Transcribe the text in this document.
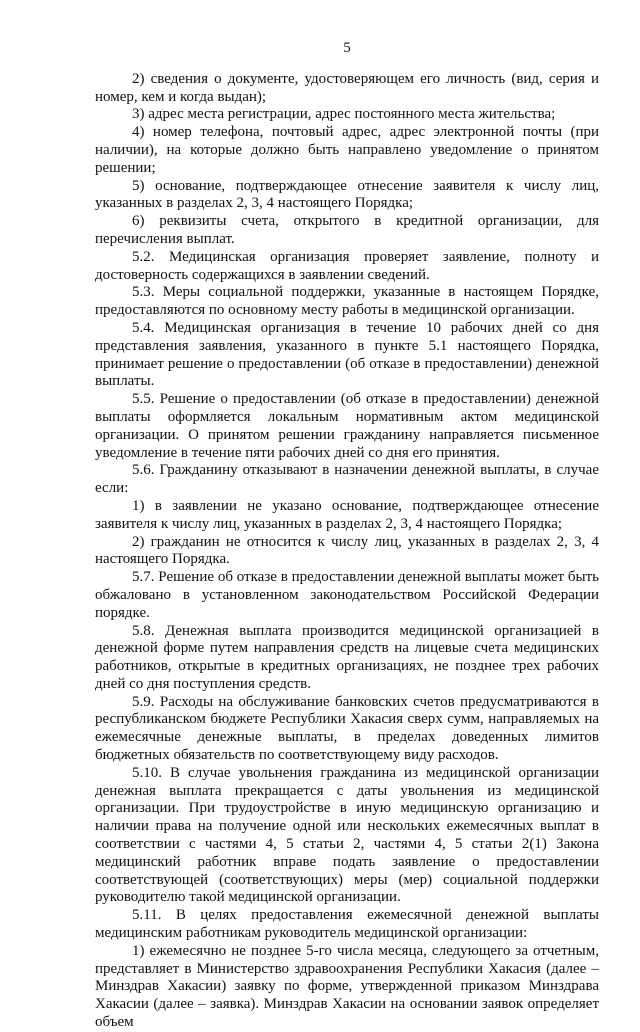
5

2) сведения о документе, удостоверяющем его личность (вид, серия и номер, кем и когда выдан);

3) адрес места регистрации, адрес постоянного места жительства;

4) номер телефона, почтовый адрес, адрес электронной почты (при наличии), на которые должно быть направлено уведомление о принятом решении;

5) основание, подтверждающее отнесение заявителя к числу лиц, указанных в разделах 2, 3, 4 настоящего Порядка;

6) реквизиты счета, открытого в кредитной организации, для перечисления выплат.

5.2. Медицинская организация проверяет заявление, полноту и достоверность содержащихся в заявлении сведений.

5.3. Меры социальной поддержки, указанные в настоящем Порядке, предоставляются по основному месту работы в медицинской организации.

5.4. Медицинская организация в течение 10 рабочих дней со дня представления заявления, указанного в пункте 5.1 настоящего Порядка, принимает решение о предоставлении (об отказе в предоставлении) денежной выплаты.

5.5. Решение о предоставлении (об отказе в предоставлении) денежной выплаты оформляется локальным нормативным актом медицинской организации. О принятом решении гражданину направляется письменное уведомление в течение пяти рабочих дней со дня его принятия.

5.6. Гражданину отказывают в назначении денежной выплаты, в случае если:

1) в заявлении не указано основание, подтверждающее отнесение заявителя к числу лиц, указанных в разделах 2, 3, 4 настоящего Порядка;

2) гражданин не относится к числу лиц, указанных в разделах 2, 3, 4 настоящего Порядка.

5.7. Решение об отказе в предоставлении денежной выплаты может быть обжаловано в установленном законодательством Российской Федерации порядке.

5.8. Денежная выплата производится медицинской организацией в денежной форме путем направления средств на лицевые счета медицинских работников, открытые в кредитных организациях, не позднее трех рабочих дней со дня поступления средств.

5.9. Расходы на обслуживание банковских счетов предусматриваются в республиканском бюджете Республики Хакасия сверх сумм, направляемых на ежемесячные денежные выплаты, в пределах доведенных лимитов бюджетных обязательств по соответствующему виду расходов.

5.10. В случае увольнения гражданина из медицинской организации денежная выплата прекращается с даты увольнения из медицинской организации. При трудоустройстве в иную медицинскую организацию и наличии права на получение одной или нескольких ежемесячных выплат в соответствии с частями 4, 5 статьи 2, частями 4, 5 статьи 2(1) Закона медицинский работник вправе подать заявление о предоставлении соответствующей (соответствующих) меры (мер) социальной поддержки руководителю такой медицинской организации.

5.11. В целях предоставления ежемесячной денежной выплаты медицинским работникам руководитель медицинской организации:

1) ежемесячно не позднее 5-го числа месяца, следующего за отчетным, представляет в Министерство здравоохранения Республики Хакасия (далее – Минздрав Хакасии) заявку по форме, утвержденной приказом Минздрава Хакасии (далее – заявка). Минздрав Хакасии на основании заявок определяет объем
